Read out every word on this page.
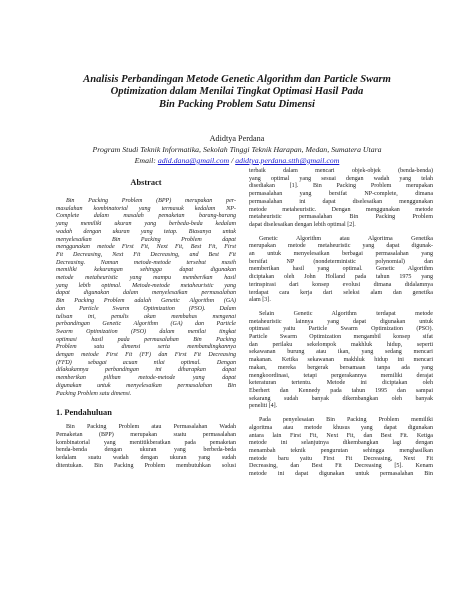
Analisis Perbandingan Metode Genetic Algorithm dan Particle Swarm
Optimization dalam Menilai Tingkat Optimasi Hasil Pada
Bin Packing Problem Satu Dimensi
Adidtya Perdana
Program Studi Teknik Informatika, Sekolah Tinggi Teknik Harapan, Medan, Sumatera Utara
Email: adid.dana@gmail.com / adidtya.perdana.stth@gmail.com
Abstract
Bin Packing Problem (BPP) merupakan per-
masalahan kombinatorial yang termasuk kedalam NP-
Complete dalam masalah pemaketan barang-barang
yang memiliki ukuran yang berbeda-beda kedalam
wadah dengan ukuran yang tetap. Biasanya untuk
menyelesaikan Bin Packing Problem dapat
menggunakan metode First Fit, Next Fit, Best Fit, First
Fit Decreasing, Next Fit Decreasing, and Best Fit
Decreasing. Namun metode-metode tersebut masih
memiliki kekurangan sehingga dapat digunakan
metode metaheuristic yang mampu memberikan hasil
yang lebih optimal. Metode-metode metaheuristic yang
dapat digunakan dalam menyelesaikan permasalahan
Bin Packing Problem adalah Genetic Algorithm (GA)
dan Particle Swarm Optimization (PSO). Dalam
tulisan ini, penulis akan membahas mengenai
perbandingan Genetic Algorithm (GA) dan Particle
Swarm Optimization (PSO) dalam menilai tingkat
optimasi hasil pada permasalahan Bin Packing
Problem satu dimensi serta membandingkannya
dengan metode First Fit (FF) dan First Fit Decreasing
(FFD) sebagai acuan nilai optimal. Dengan
dilakukannya perbandingan ini diharapkan dapat
memberikan pilihan metode-metode yang dapat
digunakan untuk menyelesaikan permasalahan Bin
Packing Problem satu dimensi.
1. Pendahuluan
Bin Packing Problem atau Permasalahan Wadah
Pemaketan (BPP) merupakan suatu permasalahan
kombinatorial yang mentitikberatkan pada pemaketan
benda-benda dengan ukuran yang berbeda-beda
kedalam suatu wadah dengan ukuran yang sudah
ditentukan. Bin Packing Problem membutuhkan solusi
terbaik dalam mencari objek-objek (benda-benda)
yang optimal yang sesuai dengan wadah yang telah
disediakan [1]. Bin Packing Problem merupakan
permasalahan yang bersifat NP-complete, dimana
permasalahan ini dapat diselesaikan menggunakan
metode metaheuristic. Dengan menggunakan metode
metaheuristic permasalahan Bin Packing Problem
dapat diselesaikan dengan lebih optimal [2].
Genetic Algorithm atau Algoritma Genetika
merupakan metode metaheuristic yang dapat digunak-
an untuk menyelesaikan berbagai permasalahan yang
bersifat NP (nondeterministic polynomial) dan
memberikan hasil yang optimal. Genetic Algorithm
diciptakan oleh John Holland pada tahun 1975 yang
terinspirasi dari konsep evolusi dimana didalamnya
terdapat cara kerja dari seleksi alam dan genetika
alam [3].
Selain Genetic Algorithm terdapat metode
metaheuristic lainnya yang dapat digunakan untuk
optimasi yaitu Particle Swarm Optimization (PSO).
Particle Swarm Optimization mengambil konsep sifat
dan perilaku sekelompok makhluk hidup, seperti
sekawanan burung atau ikan, yang sedang mencari
makanan. Ketika sekawanan makhluk hidup ini mencari
makan, mereka bergerak bersamaan tanpa ada yang
mengkoordinasi, tetapi pergerakannya memiliki derajat
keteraturan tertentu. Metode ini diciptakan oleh
Eberhert dan Kennedy pada tahun 1995 dan sampai
sekarang sudah banyak dikembangkan oleh banyak
peneliti [4].
Pada penyelesaian Bin Packing Problem memiliki
algoritma atau metode khusus yang dapat digunakan
antara lain First Fit, Next Fit, dan Best Fit. Ketiga
metode ini selanjutnya dikembangkan lagi dengan
menambah teknik pengurutan sehingga menghasilkan
metode baru yaitu First Fit Decreasing, Next Fit
Decreasing, dan Best Fit Decreasing [5]. Kenam
metode ini dapat digunakan untuk permasalahan Bin
